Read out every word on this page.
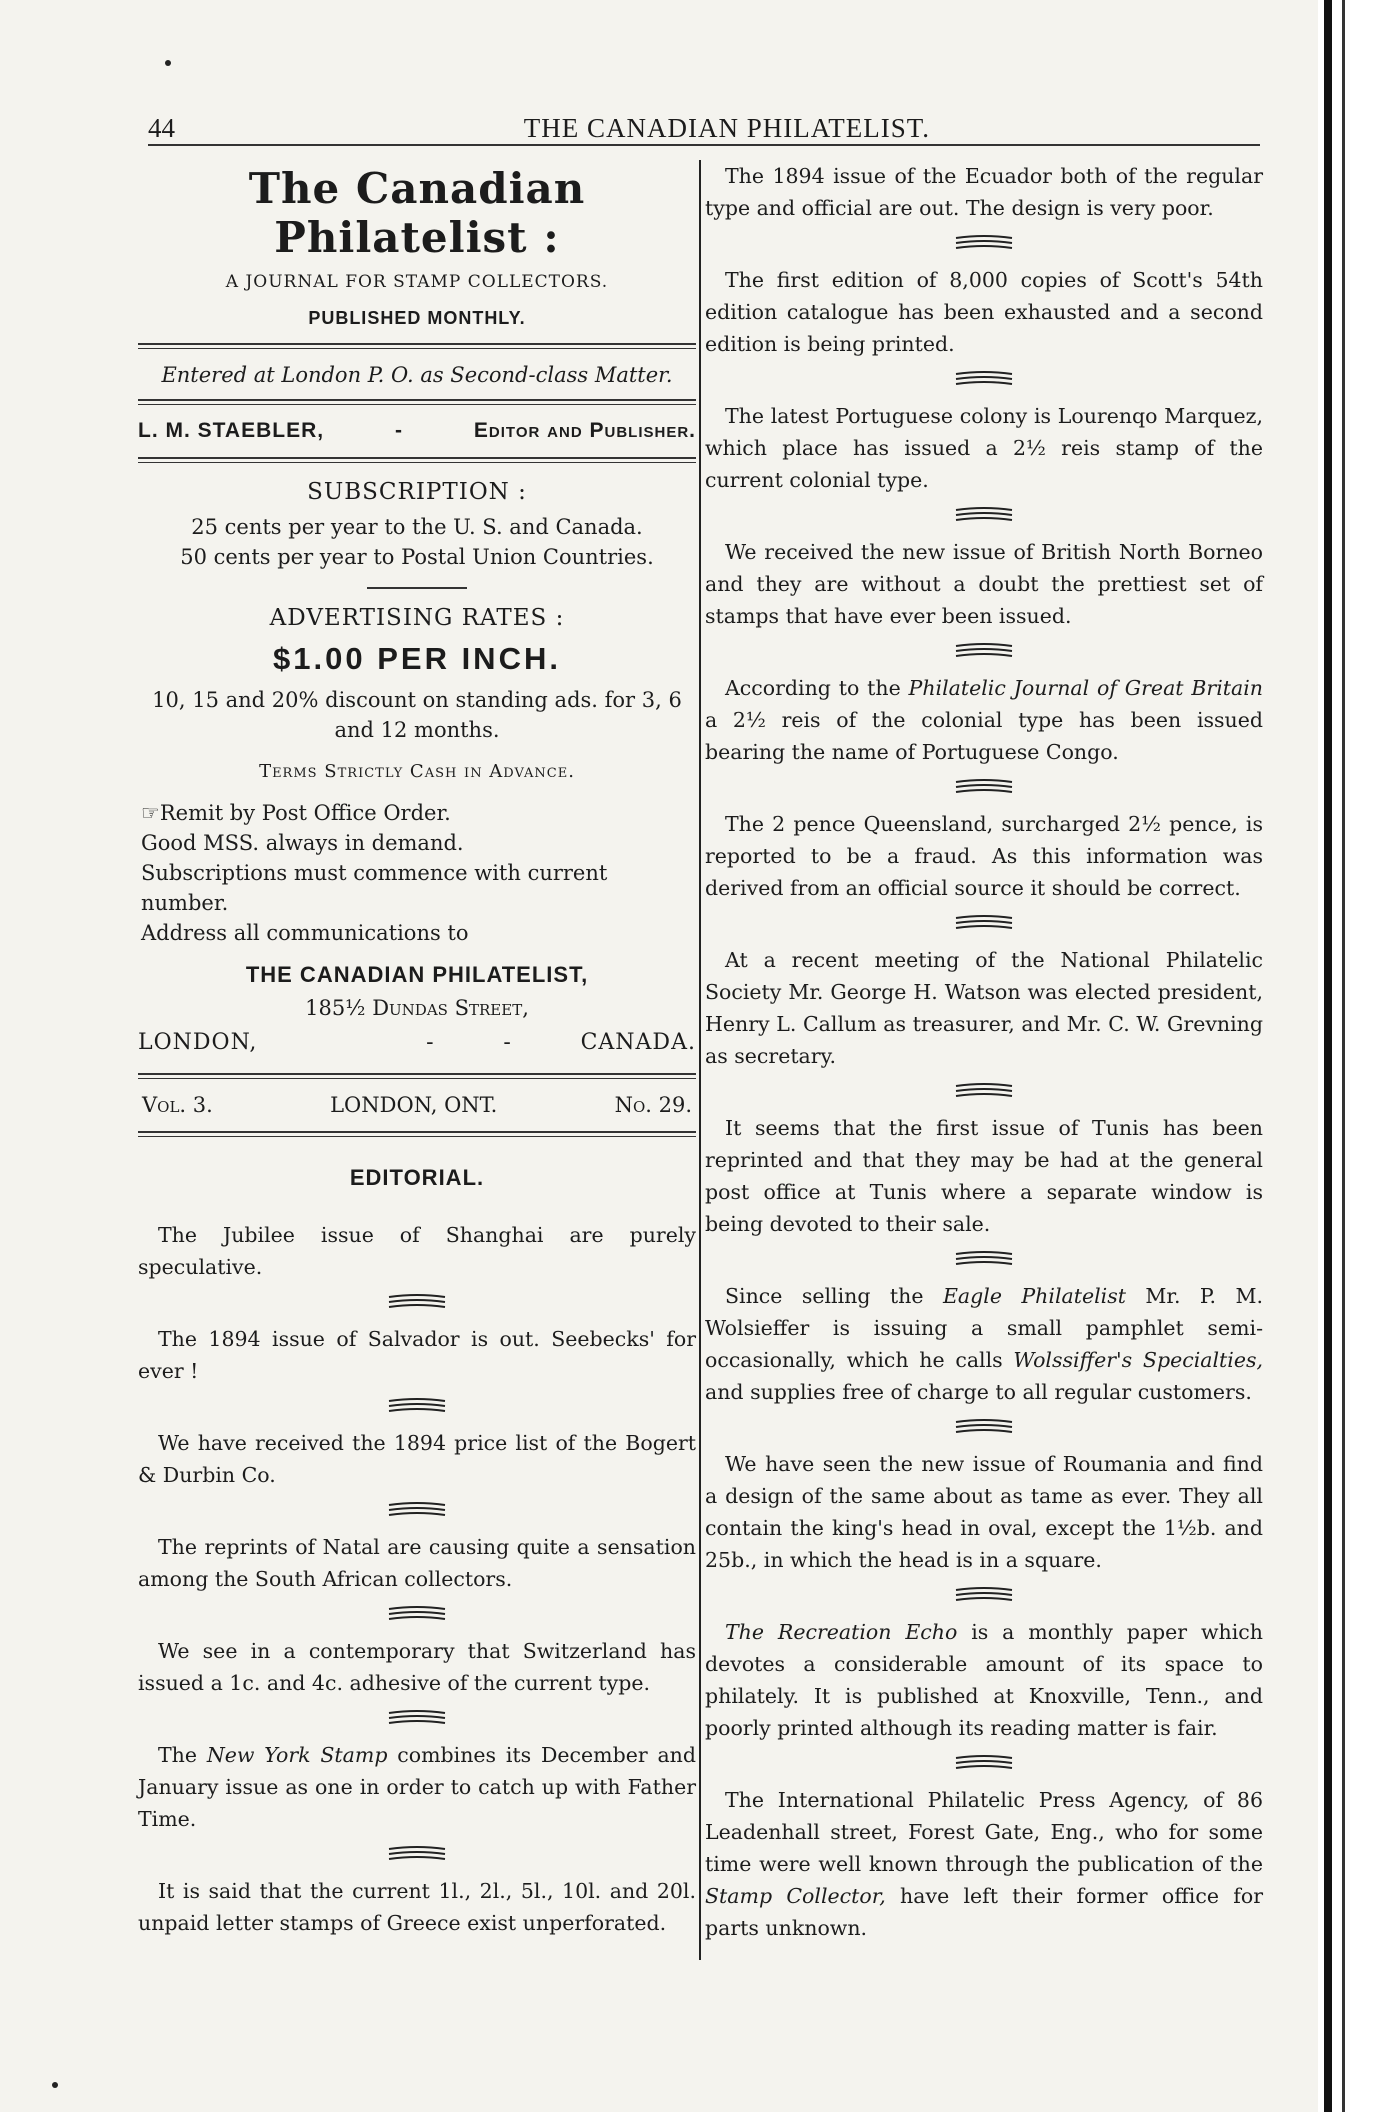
44	THE CANADIAN PHILATELIST.
The Canadian Philatelist :
A JOURNAL FOR STAMP COLLECTORS.
PUBLISHED MONTHLY.
Entered at London P. O. as Second-class Matter.
L. M. STAEBLER,	-	Editor and Publisher.
SUBSCRIPTION :
25 cents per year to the U. S. and Canada.
50 cents per year to Postal Union Countries.
ADVERTISING RATES :
$1.00 PER INCH.
10, 15 and 20% discount on standing ads. for 3, 6 and 12 months.
Terms Strictly Cash in Advance.
☞Remit by Post Office Order.
Good MSS. always in demand.
Subscriptions must commence with current number.
Address all communications to
THE CANADIAN PHILATELIST,
185½ Dundas Street,
LONDON,	-	-	CANADA.
Vol. 3.	LONDON, ONT.	No. 29.
EDITORIAL.

The Jubilee issue of Shanghai are purely speculative.

The 1894 issue of Salvador is out. Seebecks' for ever !

We have received the 1894 price list of the Bogert & Durbin Co.

The reprints of Natal are causing quite a sensation among the South African collectors.

We see in a contemporary that Switzerland has issued a 1c. and 4c. adhesive of the current type.

The New York Stamp combines its December and January issue as one in order to catch up with Father Time.

It is said that the current 1l., 2l., 5l., 10l. and 20l. unpaid letter stamps of Greece exist unperforated.

The 1894 issue of the Ecuador both of the regular type and official are out. The design is very poor.

The first edition of 8,000 copies of Scott's 54th edition catalogue has been exhausted and a second edition is being printed.

The latest Portuguese colony is Lourenqo Marquez, which place has issued a 2½ reis stamp of the current colonial type.

We received the new issue of British North Borneo and they are without a doubt the prettiest set of stamps that have ever been issued.

According to the Philatelic Journal of Great Britain a 2½ reis of the colonial type has been issued bearing the name of Portuguese Congo.

The 2 pence Queensland, surcharged 2½ pence, is reported to be a fraud. As this information was derived from an official source it should be correct.

At a recent meeting of the National Philatelic Society Mr. George H. Watson was elected president, Henry L. Callum as treasurer, and Mr. C. W. Grevning as secretary.

It seems that the first issue of Tunis has been reprinted and that they may be had at the general post office at Tunis where a separate window is being devoted to their sale.

Since selling the Eagle Philatelist Mr. P. M. Wolsieffer is issuing a small pamphlet semi-occasionally, which he calls Wolssiffer's Specialties, and supplies free of charge to all regular customers.

We have seen the new issue of Roumania and find a design of the same about as tame as ever. They all contain the king's head in oval, except the 1½b. and 25b., in which the head is in a square.

The Recreation Echo is a monthly paper which devotes a considerable amount of its space to philately. It is published at Knoxville, Tenn., and poorly printed although its reading matter is fair.

The International Philatelic Press Agency, of 86 Leadenhall street, Forest Gate, Eng., who for some time were well known through the publication of the Stamp Collector, have left their former office for parts unknown.
